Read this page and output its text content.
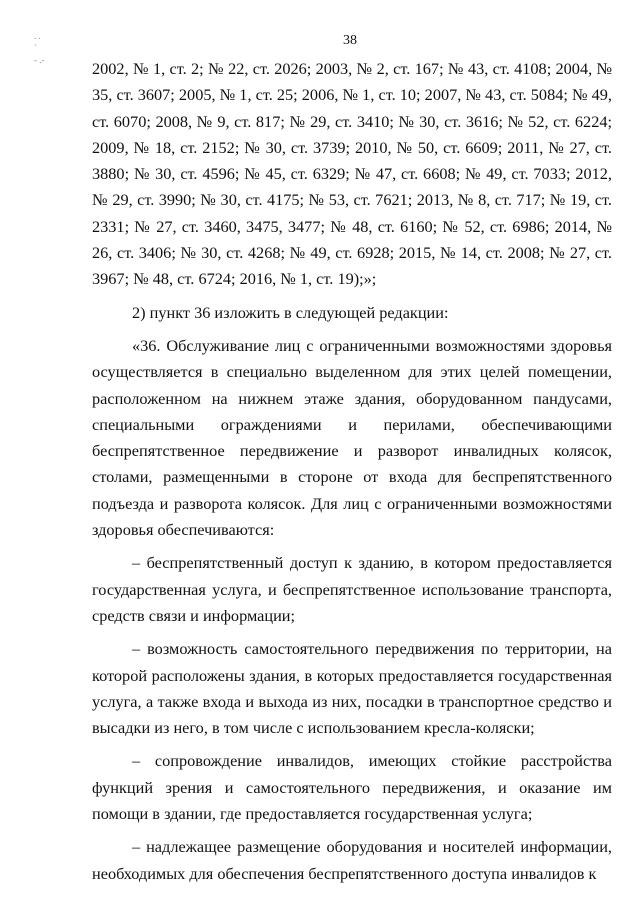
38
. .
`
- .-	2002, № 1, ст. 2; № 22, ст. 2026; 2003, № 2, ст. 167; № 43, ст. 4108; 2004, № 35, ст. 3607; 2005, № 1, ст. 25; 2006, № 1, ст. 10; 2007, № 43, ст. 5084; № 49, ст. 6070; 2008, № 9, ст. 817; № 29, ст. 3410; № 30, ст. 3616; № 52, ст. 6224; 2009, № 18, ст. 2152; № 30, ст. 3739; 2010, № 50, ст. 6609; 2011, № 27, ст. 3880; № 30, ст. 4596; № 45, ст. 6329; № 47, ст. 6608; № 49, ст. 7033; 2012, № 29, ст. 3990; № 30, ст. 4175; № 53, ст. 7621; 2013, № 8, ст. 717; № 19, ст. 2331; № 27, ст. 3460, 3475, 3477; № 48, ст. 6160; № 52, ст. 6986; 2014, № 26, ст. 3406; № 30, ст. 4268; № 49, ст. 6928; 2015, № 14, ст. 2008; № 27, ст. 3967; № 48, ст. 6724; 2016, № 1, ст. 19);»;

2) пункт 36 изложить в следующей редакции:

«36. Обслуживание лиц с ограниченными возможностями здоровья осуществляется в специально выделенном для этих целей помещении, расположенном на нижнем этаже здания, оборудованном пандусами, специальными ограждениями и перилами, обеспечивающими беспрепятственное передвижение и разворот инвалидных колясок, столами, размещенными в стороне от входа для беспрепятственного подъезда и разворота колясок. Для лиц с ограниченными возможностями здоровья обеспечиваются:

– беспрепятственный доступ к зданию, в котором предоставляется государственная услуга, и беспрепятственное использование транспорта, средств связи и информации;

– возможность самостоятельного передвижения по территории, на которой расположены здания, в которых предоставляется государственная услуга, а также входа и выхода из них, посадки в транспортное средство и высадки из него, в том числе с использованием кресла-коляски;

– сопровождение инвалидов, имеющих стойкие расстройства функций зрения и самостоятельного передвижения, и оказание им помощи в здании, где предоставляется государственная услуга;

– надлежащее размещение оборудования и носителей информации, необходимых для обеспечения беспрепятственного доступа инвалидов к
